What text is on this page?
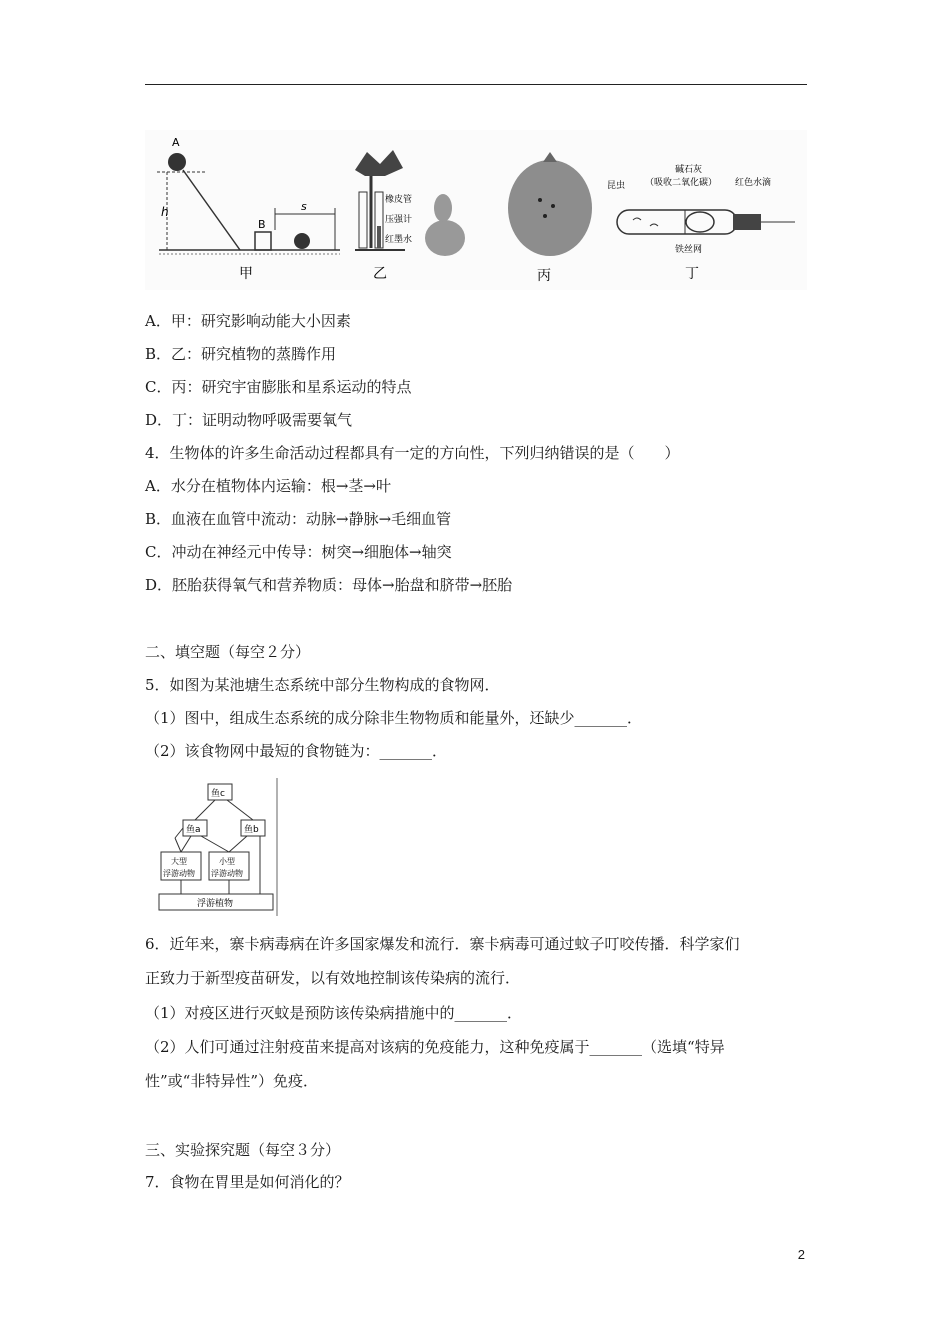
A
h
B
s
甲
橡皮管
压强计
红墨水
乙	丙
昆虫
碱石灰
（吸收二氧化碳） 红色水滴
铁丝网
丁
A．甲：研究影响动能大小因素
B．乙：研究植物的蒸腾作用
C．丙：研究宇宙膨胀和星系运动的特点
D．丁：证明动物呼吸需要氧气
4．生物体的许多生命活动过程都具有一定的方向性，下列归纳错误的是（　　）
A．水分在植物体内运输：根→茎→叶
B．血液在血管中流动：动脉→静脉→毛细血管
C．冲动在神经元中传导：树突→细胞体→轴突
D．胚胎获得氧气和营养物质：母体→胎盘和脐带→胚胎
二、填空题（每空２分）
5．如图为某池塘生态系统中部分生物构成的食物网．
（1）图中，组成生态系统的成分除非生物物质和能量外，还缺少_______．
（2）该食物网中最短的食物链为：_______．
鱼c
鱼a	鱼b
大型
浮游动物
小型
浮游动物
浮游植物
6．近年来，寨卡病毒病在许多国家爆发和流行．寨卡病毒可通过蚊子叮咬传播．科学家们
正致力于新型疫苗研发，以有效地控制该传染病的流行．
（1）对疫区进行灭蚊是预防该传染病措施中的_______．
（2）人们可通过注射疫苗来提高对该病的免疫能力，这种免疫属于_______（选填“特异
性”或“非特异性”）免疫．
三、实验探究题（每空３分）
7．食物在胃里是如何消化的？
2
